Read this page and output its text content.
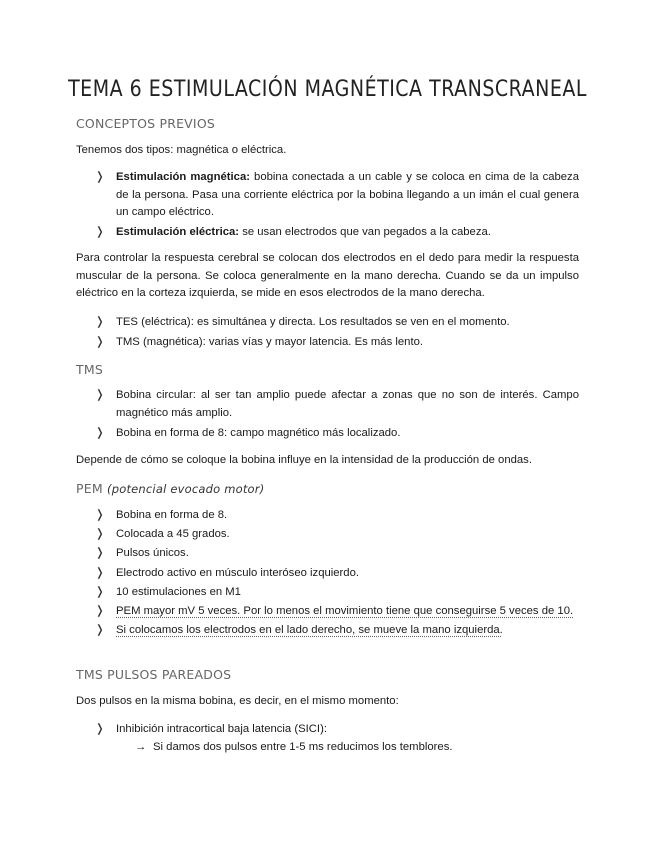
TEMA 6 ESTIMULACIÓN MAGNÉTICA TRANSCRANEAL
CONCEPTOS PREVIOS
Tenemos dos tipos: magnética o eléctrica.
❭ Estimulación magnética: bobina conectada a un cable y se coloca en cima de la cabeza de la persona. Pasa una corriente eléctrica por la bobina llegando a un imán el cual genera un campo eléctrico.
❭ Estimulación eléctrica: se usan electrodos que van pegados a la cabeza.
Para controlar la respuesta cerebral se colocan dos electrodos en el dedo para medir la respuesta muscular de la persona. Se coloca generalmente en la mano derecha. Cuando se da un impulso eléctrico en la corteza izquierda, se mide en esos electrodos de la mano derecha.
❭ TES (eléctrica): es simultánea y directa. Los resultados se ven en el momento.
❭ TMS (magnética): varias vías y mayor latencia. Es más lento.
TMS
❭ Bobina circular: al ser tan amplio puede afectar a zonas que no son de interés. Campo magnético más amplio.
❭ Bobina en forma de 8: campo magnético más localizado.
Depende de cómo se coloque la bobina influye en la intensidad de la producción de ondas.
PEM (potencial evocado motor)
❭ Bobina en forma de 8.
❭ Colocada a 45 grados.
❭ Pulsos únicos.
❭ Electrodo activo en músculo interóseo izquierdo.
❭ 10 estimulaciones en M1
❭ PEM mayor mV 5 veces. Por lo menos el movimiento tiene que conseguirse 5 veces de 10.
❭ Si colocamos los electrodos en el lado derecho, se mueve la mano izquierda.
TMS PULSOS PAREADOS
Dos pulsos en la misma bobina, es decir, en el mismo momento:
❭ Inhibición intracortical baja latencia (SICI):
→ Si damos dos pulsos entre 1-5 ms reducimos los temblores.
